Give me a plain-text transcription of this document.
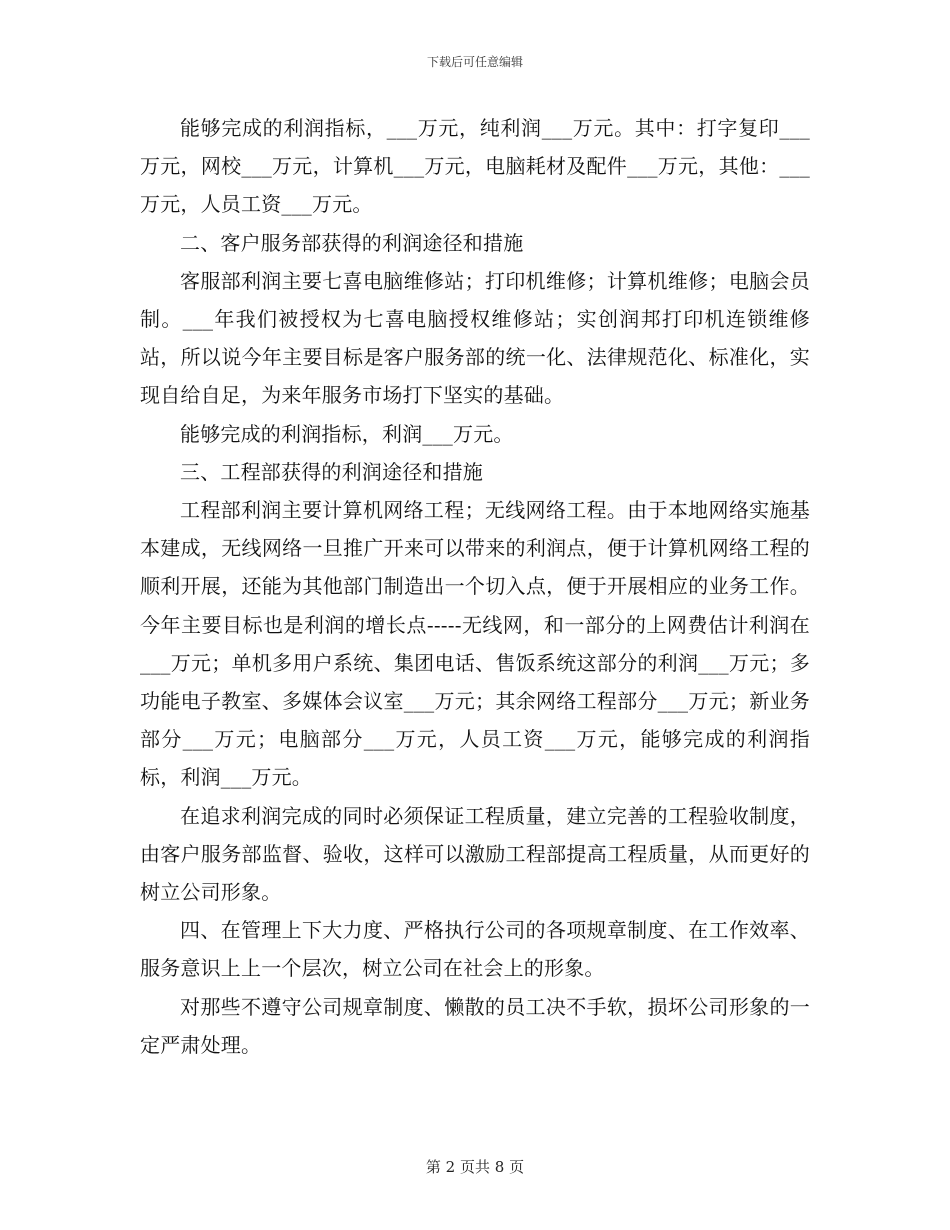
下载后可任意编辑

能够完成的利润指标，___万元，纯利润___万元。其中：打字复印___万元，网校___万元，计算机___万元，电脑耗材及配件___万元，其他：___万元，人员工资___万元。

二、客户服务部获得的利润途径和措施

客服部利润主要七喜电脑维修站；打印机维修；计算机维修；电脑会员制。___年我们被授权为七喜电脑授权维修站；实创润邦打印机连锁维修站，所以说今年主要目标是客户服务部的统一化、法律规范化、标准化，实现自给自足，为来年服务市场打下坚实的基础。

能够完成的利润指标，利润___万元。

三、工程部获得的利润途径和措施

工程部利润主要计算机网络工程；无线网络工程。由于本地网络实施基本建成，无线网络一旦推广开来可以带来的利润点，便于计算机网络工程的顺利开展，还能为其他部门制造出一个切入点，便于开展相应的业务工作。今年主要目标也是利润的增长点-----无线网，和一部分的上网费估计利润在___万元；单机多用户系统、集团电话、售饭系统这部分的利润___万元；多功能电子教室、多媒体会议室___万元；其余网络工程部分___万元；新业务部分___万元；电脑部分___万元，人员工资___万元，能够完成的利润指标，利润___万元。

在追求利润完成的同时必须保证工程质量，建立完善的工程验收制度，由客户服务部监督、验收，这样可以激励工程部提高工程质量，从而更好的树立公司形象。

四、在管理上下大力度、严格执行公司的各项规章制度、在工作效率、服务意识上上一个层次，树立公司在社会上的形象。

对那些不遵守公司规章制度、懒散的员工决不手软，损坏公司形象的一定严肃处理。

第 2 页共 8 页
